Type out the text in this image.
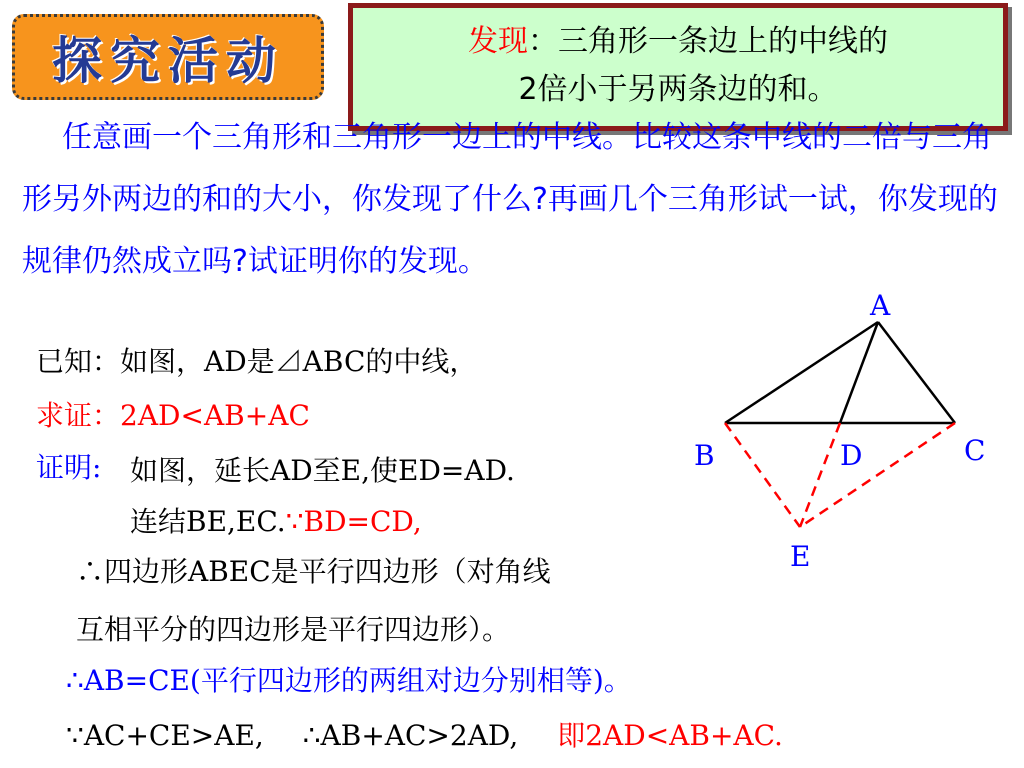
探究活动	发现：三角形一条边上的中线的
2倍小于另两条边的和。
任意画一个三角形和三角形一边上的中线。比较这条中线的二倍与三角形另外两边的和的大小，你发现了什么?再画几个三角形试一试，你发现的规律仍然成立吗?试证明你的发现。
已知：如图，AD是⊿ABC的中线，
求证：2AD<AB+AC
证明: 如图，延长AD至E,使ED=AD.
连结BE,EC.∵BD=CD,
∴四边形ABEC是平行四边形（对角线
互相平分的四边形是平行四边形）。
∴AB=CE(平行四边形的两组对边分别相等)。
∵AC+CE>AE, ∴AB+AC>2AD, 即2AD<AB+AC.
A
B	C
D
E
